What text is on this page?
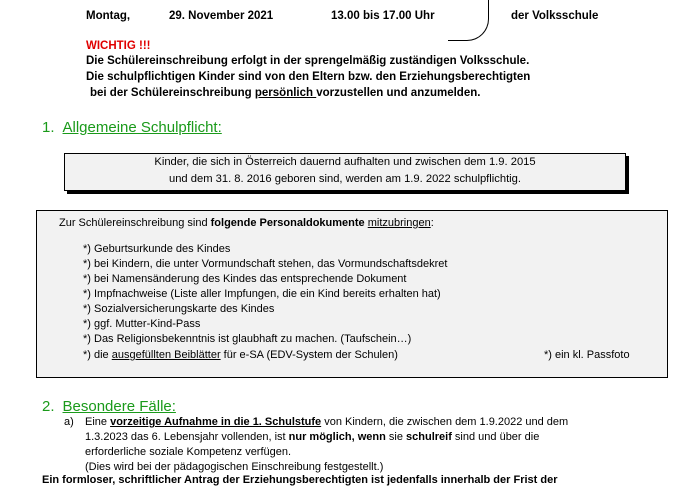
Montag,	29. November 2021	13.00 bis 17.00 Uhr	der Volksschule
WICHTIG !!!
Die Schülereinschreibung erfolgt in der sprengelmäßig zuständigen Volksschule.
Die schulpflichtigen Kinder sind von den Eltern bzw. den Erziehungsberechtigten
bei der Schülereinschreibung persönlich vorzustellen und anzumelden.
1. Allgemeine Schulpflicht:
Kinder, die sich in Österreich dauernd aufhalten und zwischen dem 1.9. 2015
und dem 31. 8. 2016 geboren sind, werden am 1.9. 2022 schulpflichtig.
Zur Schülereinschreibung sind folgende Personaldokumente mitzubringen:
*) Geburtsurkunde des Kindes
*) bei Kindern, die unter Vormundschaft stehen, das Vormundschaftsdekret
*) bei Namensänderung des Kindes das entsprechende Dokument
*) Impfnachweise (Liste aller Impfungen, die ein Kind bereits erhalten hat)
*) Sozialversicherungskarte des Kindes
*) ggf. Mutter-Kind-Pass
*) Das Religionsbekenntnis ist glaubhaft zu machen. (Taufschein…)
*) die ausgefüllten Beiblätter für e-SA (EDV-System der Schulen)	*) ein kl. Passfoto
2. Besondere Fälle:
a) Eine vorzeitige Aufnahme in die 1. Schulstufe von Kindern, die zwischen dem 1.9.2022 und dem
1.3.2023 das 6. Lebensjahr vollenden, ist nur möglich, wenn sie schulreif sind und über die
erforderliche soziale Kompetenz verfügen.
(Dies wird bei der pädagogischen Einschreibung festgestellt.)
Ein formloser, schriftlicher Antrag der Erziehungsberechtigten ist jedenfalls innerhalb der Frist der
